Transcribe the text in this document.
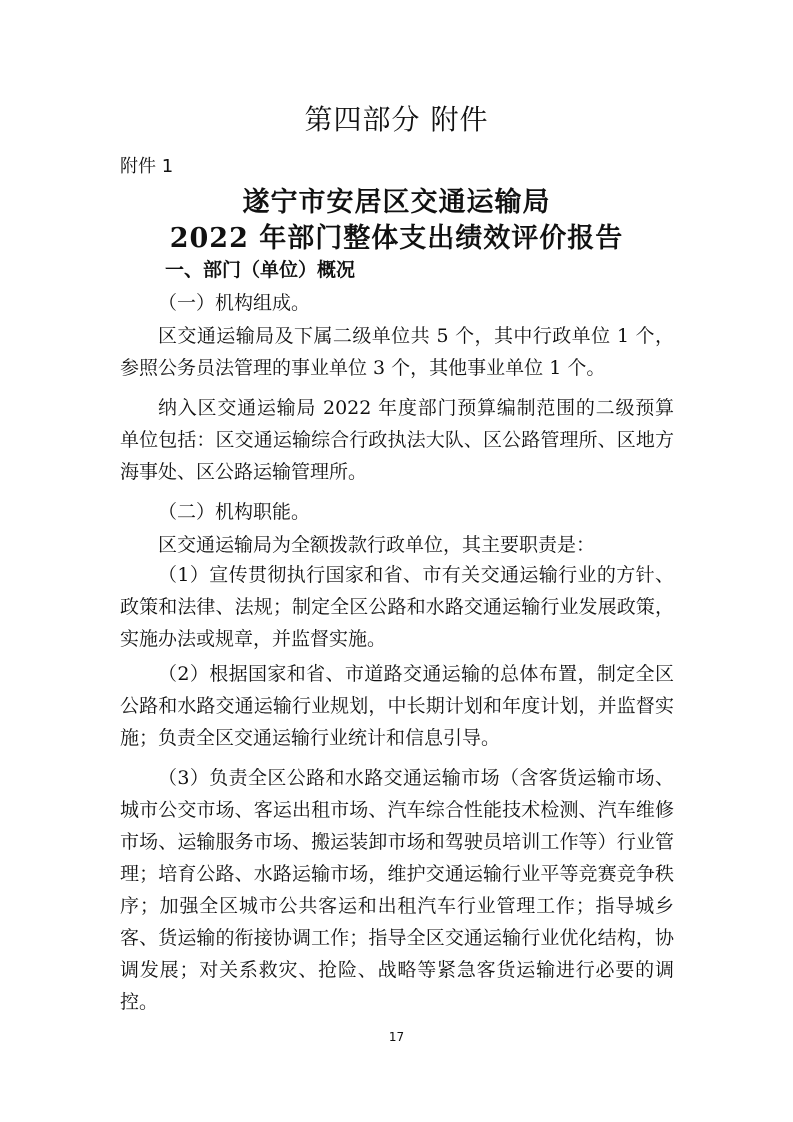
第四部分 附件
附件 1
遂宁市安居区交通运输局
2022 年部门整体支出绩效评价报告
一、部门（单位）概况

（一）机构组成。

区交通运输局及下属二级单位共 5 个，其中行政单位 1 个，参照公务员法管理的事业单位 3 个，其他事业单位 1 个。

纳入区交通运输局 2022 年度部门预算编制范围的二级预算单位包括：区交通运输综合行政执法大队、区公路管理所、区地方海事处、区公路运输管理所。

（二）机构职能。

区交通运输局为全额拨款行政单位，其主要职责是：

（1）宣传贯彻执行国家和省、市有关交通运输行业的方针、政策和法律、法规；制定全区公路和水路交通运输行业发展政策，实施办法或规章，并监督实施。

（2）根据国家和省、市道路交通运输的总体布置，制定全区公路和水路交通运输行业规划，中长期计划和年度计划，并监督实施；负责全区交通运输行业统计和信息引导。

（3）负责全区公路和水路交通运输市场（含客货运输市场、城市公交市场、客运出租市场、汽车综合性能技术检测、汽车维修市场、运输服务市场、搬运装卸市场和驾驶员培训工作等）行业管理；培育公路、水路运输市场，维护交通运输行业平等竞赛竞争秩序；加强全区城市公共客运和出租汽车行业管理工作；指导城乡客、货运输的衔接协调工作；指导全区交通运输行业优化结构，协调发展；对关系救灾、抢险、战略等紧急客货运输进行必要的调控。

17
